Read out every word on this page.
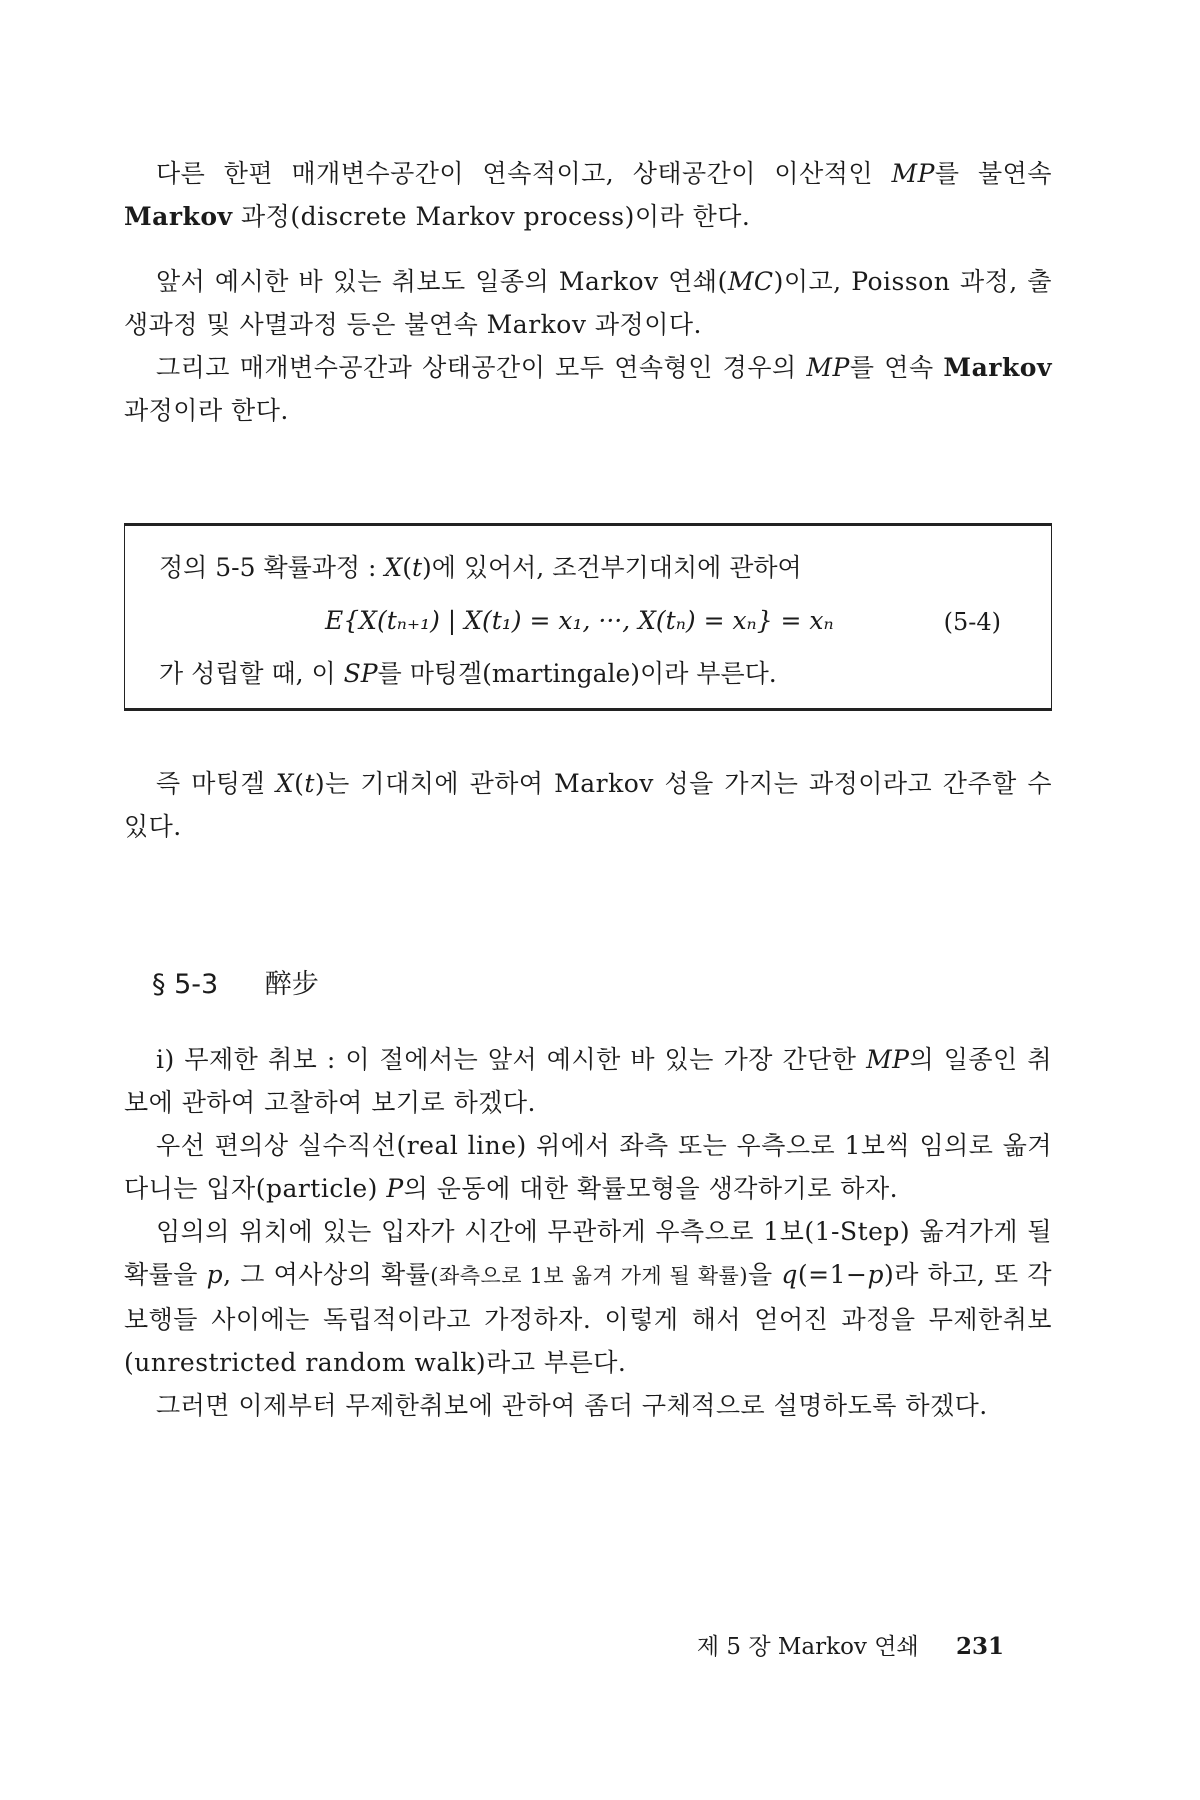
다른 한편 매개변수공간이 연속적이고, 상태공간이 이산적인 MP를 불연속 Markov 과정(discrete Markov process)이라 한다.

앞서 예시한 바 있는 취보도 일종의 Markov 연쇄(MC)이고, Poisson 과정, 출생과정 및 사멸과정 등은 불연속 Markov 과정이다.

그리고 매개변수공간과 상태공간이 모두 연속형인 경우의 MP를 연속 Markov 과정이라 한다.

정의 5-5 확률과정 : X(t)에 있어서, 조건부기대치에 관하여
E{X(tₙ₊₁) | X(t₁) = x₁, ···, X(tₙ) = xₙ} = xₙ	(5-4)
가 성립할 때, 이 SP를 마팅겔(martingale)이라 부른다.

즉 마팅겔 X(t)는 기대치에 관하여 Markov 성을 가지는 과정이라고 간주할 수 있다.

§ 5-3 醉步

i) 무제한 취보 : 이 절에서는 앞서 예시한 바 있는 가장 간단한 MP의 일종인 취보에 관하여 고찰하여 보기로 하겠다.

우선 편의상 실수직선(real line) 위에서 좌측 또는 우측으로 1보씩 임의로 옮겨다니는 입자(particle) P의 운동에 대한 확률모형을 생각하기로 하자.

임의의 위치에 있는 입자가 시간에 무관하게 우측으로 1보(1-Step) 옮겨가게 될 확률을 p, 그 여사상의 확률(좌측으로 1보 옮겨 가게 될 확률)을 q(=1−p)라 하고, 또 각 보행들 사이에는 독립적이라고 가정하자. 이렇게 해서 얻어진 과정을 무제한취보(unrestricted random walk)라고 부른다.

그러면 이제부터 무제한취보에 관하여 좀더 구체적으로 설명하도록 하겠다.

제 5 장 Markov 연쇄 231
